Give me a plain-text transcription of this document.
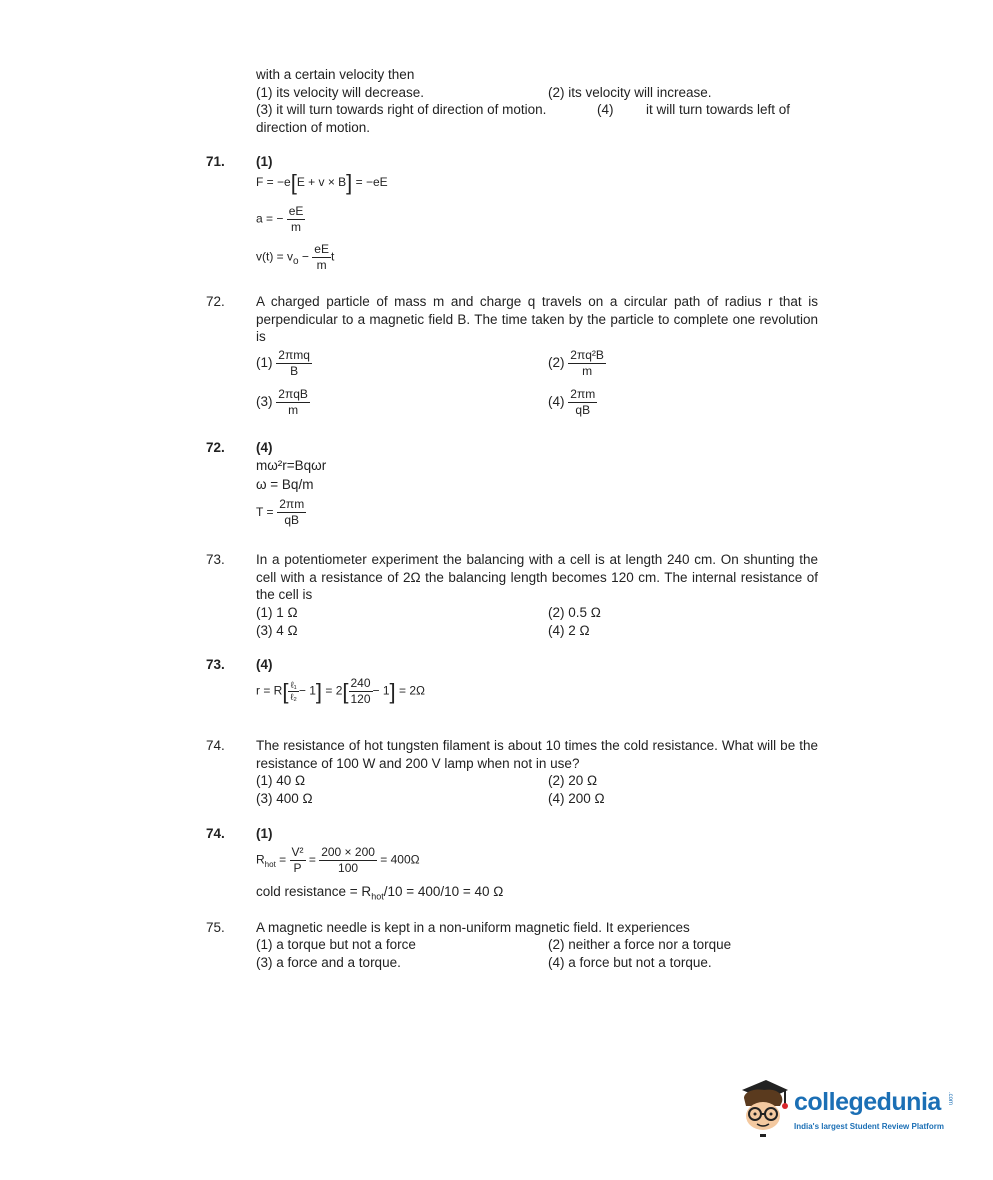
with a certain velocity then
(1) its velocity will decrease.	(2) its velocity will increase.
(3) it will turn towards right of direction of motion.	(4) it will turn towards left of
direction of motion.
71. (1)
F = −e[E + v × B] = −eE
a = − $\frac{eE}{m}$
$v(t) = v_o - \frac{eE}{m}$ t
72. A charged particle of mass m and charge q travels on a circular path of radius r that is perpendicular to a magnetic field B. The time taken by the particle to complete one revolution is
$(1) \frac{\text{2πmq}}{B}$	$(2) \frac{\text{2πq²B}}{m}$
$(3) \frac{\text{2πqB}}{m}$	$(4) \frac{2\pi m}{qB}$
72. (4)
mω²r=Bqωr
ω = Bq/m
$T = \frac{2\pi m}{qB}$
73. In a potentiometer experiment the balancing with a cell is at length 240 cm. On shunting the cell with a resistance of 2Ω the balancing length becomes 120 cm. The internal resistance of the cell is
(1) 1 Ω	(2) 0.5 Ω
(3) 4 Ω	(4) 2 Ω
73. (4)
$r = R[ \frac{\text{ℓ₁}}{\text{ℓ₂}} - 1] = 2[ \frac{240}{120} - 1] = 2\Omega$
74. The resistance of hot tungsten filament is about 10 times the cold resistance. What will be the resistance of 100 W and 200 V lamp when not in use?
(1) 40 Ω	(2) 20 Ω
(3) 400 Ω	(4) 200 Ω
74. (1)
$R_{hot} = \frac{\text{V²}}{P} = \frac{200 \times 200}{100} = 400\Omega$
cold resistance = $R_{hot}/10 = 400/10 = 40$ Ω
75. A magnetic needle is kept in a non-uniform magnetic field. It experiences
(1) a torque but not a force	(2) neither a force nor a torque
(3) a force and a torque.	(4) a force but not a torque.
collegedunia .com
India's largest Student Review Platform
